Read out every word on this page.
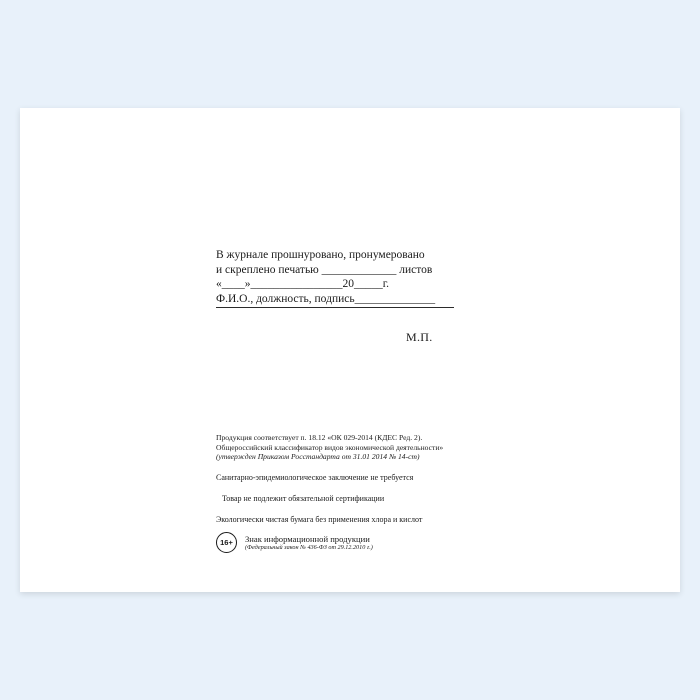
В журнале прошнуровано, пронумеровано
и скреплено печатью _____________ листов
«____»________________20_____г.
Ф.И.О., должность, подпись______________
М.П.
Продукция соответствует п. 18.12 «ОК 029-2014 (КДЕС Ред. 2).
Общероссийский классификатор видов экономической деятельности»
(утвержден Приказом Росстандарта от 31.01 2014 № 14-ст)
Санитарно-эпидемиологическое заключение не требуется
Товар не подлежит обязательной сертификации
Экологически чистая бумага без применения хлора и кислот
16+	Знак информационной продукции
(Федеральный закон № 436-ФЗ от 29.12.2010 г.)
